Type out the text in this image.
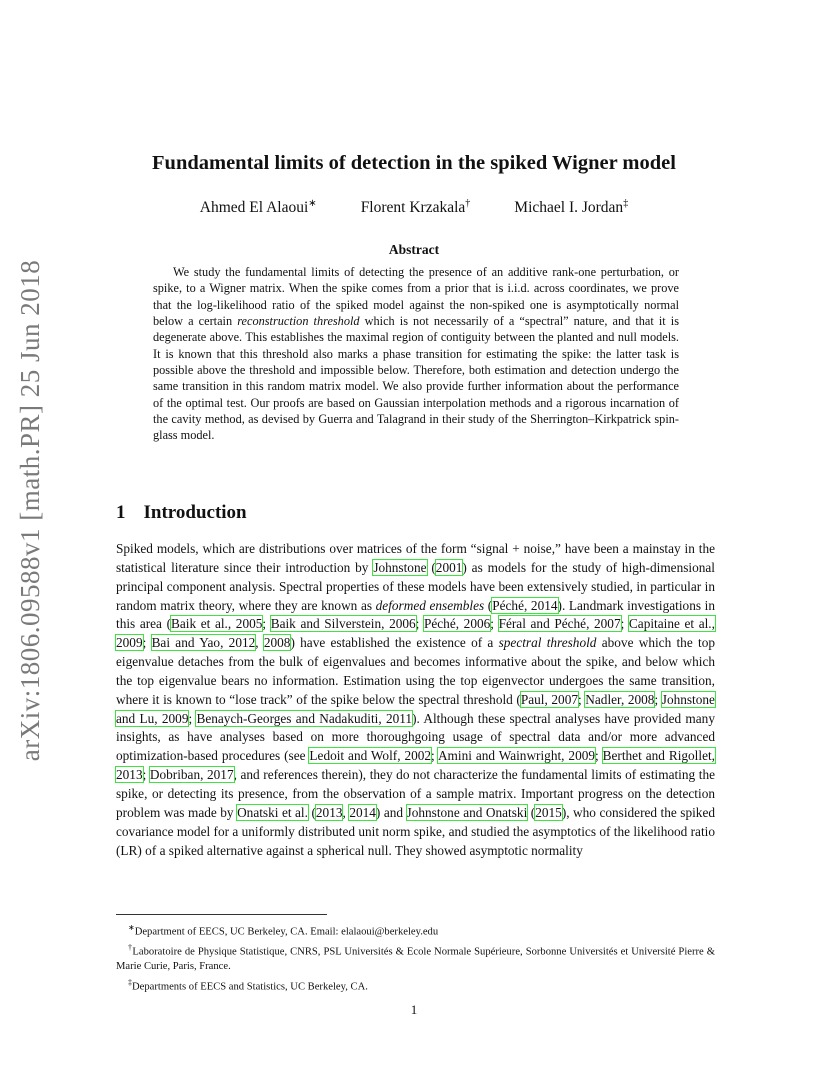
arXiv:1806.09588v1 [math.PR] 25 Jun 2018
Fundamental limits of detection in the spiked Wigner model
Ahmed El Alaoui∗	Florent Krzakala†	Michael I. Jordan‡
Abstract

We study the fundamental limits of detecting the presence of an additive rank-one perturbation, or spike, to a Wigner matrix. When the spike comes from a prior that is i.i.d. across coordinates, we prove that the log-likelihood ratio of the spiked model against the non-spiked one is asymptotically normal below a certain reconstruction threshold which is not necessarily of a “spectral” nature, and that it is degenerate above. This establishes the maximal region of contiguity between the planted and null models. It is known that this threshold also marks a phase transition for estimating the spike: the latter task is possible above the threshold and impossible below. Therefore, both estimation and detection undergo the same transition in this random matrix model. We also provide further information about the performance of the optimal test. Our proofs are based on Gaussian interpolation methods and a rigorous incarnation of the cavity method, as devised by Guerra and Talagrand in their study of the Sherrington–Kirkpatrick spin-glass model.

1 Introduction

Spiked models, which are distributions over matrices of the form “signal + noise,” have been a mainstay in the statistical literature since their introduction by Johnstone (2001) as models for the study of high-dimensional principal component analysis. Spectral properties of these models have been extensively studied, in particular in random matrix theory, where they are known as deformed ensembles (Péché, 2014). Landmark investigations in this area (Baik et al., 2005; Baik and Silverstein, 2006; Péché, 2006; Féral and Péché, 2007; Capitaine et al., 2009; Bai and Yao, 2012, 2008) have established the existence of a spectral threshold above which the top eigenvalue detaches from the bulk of eigenvalues and becomes informative about the spike, and below which the top eigenvalue bears no information. Estimation using the top eigenvector undergoes the same transition, where it is known to “lose track” of the spike below the spectral threshold (Paul, 2007; Nadler, 2008; Johnstone and Lu, 2009; Benaych-Georges and Nadakuditi, 2011). Although these spectral analyses have provided many insights, as have analyses based on more thoroughgoing usage of spectral data and/or more advanced optimization-based procedures (see Ledoit and Wolf, 2002; Amini and Wainwright, 2009; Berthet and Rigollet, 2013; Dobriban, 2017, and references therein), they do not characterize the fundamental limits of estimating the spike, or detecting its presence, from the observation of a sample matrix. Important progress on the detection problem was made by Onatski et al. (2013, 2014) and Johnstone and Onatski (2015), who considered the spiked covariance model for a uniformly distributed unit norm spike, and studied the asymptotics of the likelihood ratio (LR) of a spiked alternative against a spherical null. They showed asymptotic normality

∗Department of EECS, UC Berkeley, CA. Email: elalaoui@berkeley.edu

†Laboratoire de Physique Statistique, CNRS, PSL Universités & Ecole Normale Supérieure, Sorbonne Universités et Université Pierre & Marie Curie, Paris, France.

‡Departments of EECS and Statistics, UC Berkeley, CA.

1
